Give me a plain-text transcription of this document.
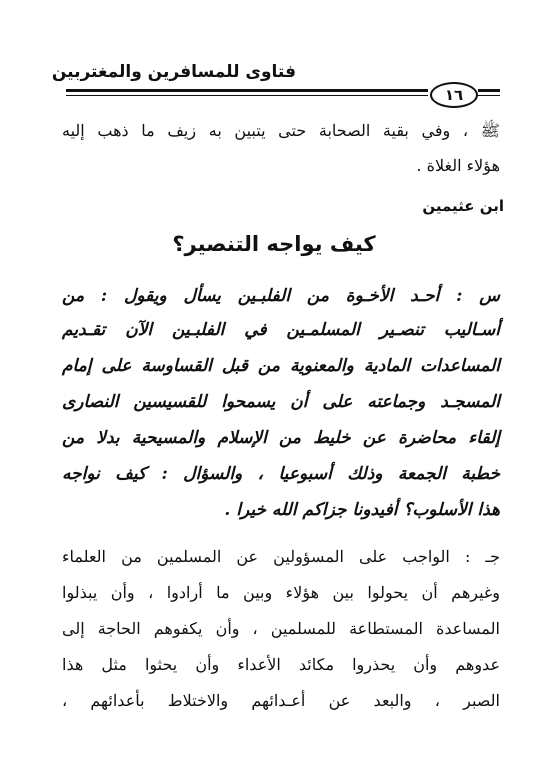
فتاوى للمسافرين والمغتربين
١٦
ﷺ ، وفي بقية الصحابة حتى يتبين به زيف ما ذهب إليه
هؤلاء الغلاة .
ابن عثيمين
كيف يواجه التنصير؟
س : أحـد الأخـوة من الفلبـين يسأل ويقول : من
أسـاليب تنصـير المسلمـين في الفلبـين الآن تقـديم
المساعدات المادية والمعنوية من قبل القساوسة على إمام
المسجـد وجماعته على أن يسمحوا للقسيسين النصارى
إلقاء محاضرة عن خليط من الإسلام والمسيحية بدلا من
خطبة الجمعة وذلك أسبوعيا ، والسؤال : كيف نواجه
هذا الأسلوب؟ أفيدونا جزاكم الله خيرا .
جـ : الواجب على المسؤولين عن المسلمين من العلماء
وغيرهم أن يحولوا بين هؤلاء وبين ما أرادوا ، وأن يبذلوا
المساعدة المستطاعة للمسلمين ، وأن يكفوهم الحاجة إلى
عدوهم وأن يحذروا مكائد الأعداء وأن يحثوا مثل هذا
الصبر ، والبعد عن أعـدائهم والاختلاط بأعدائهم ،
